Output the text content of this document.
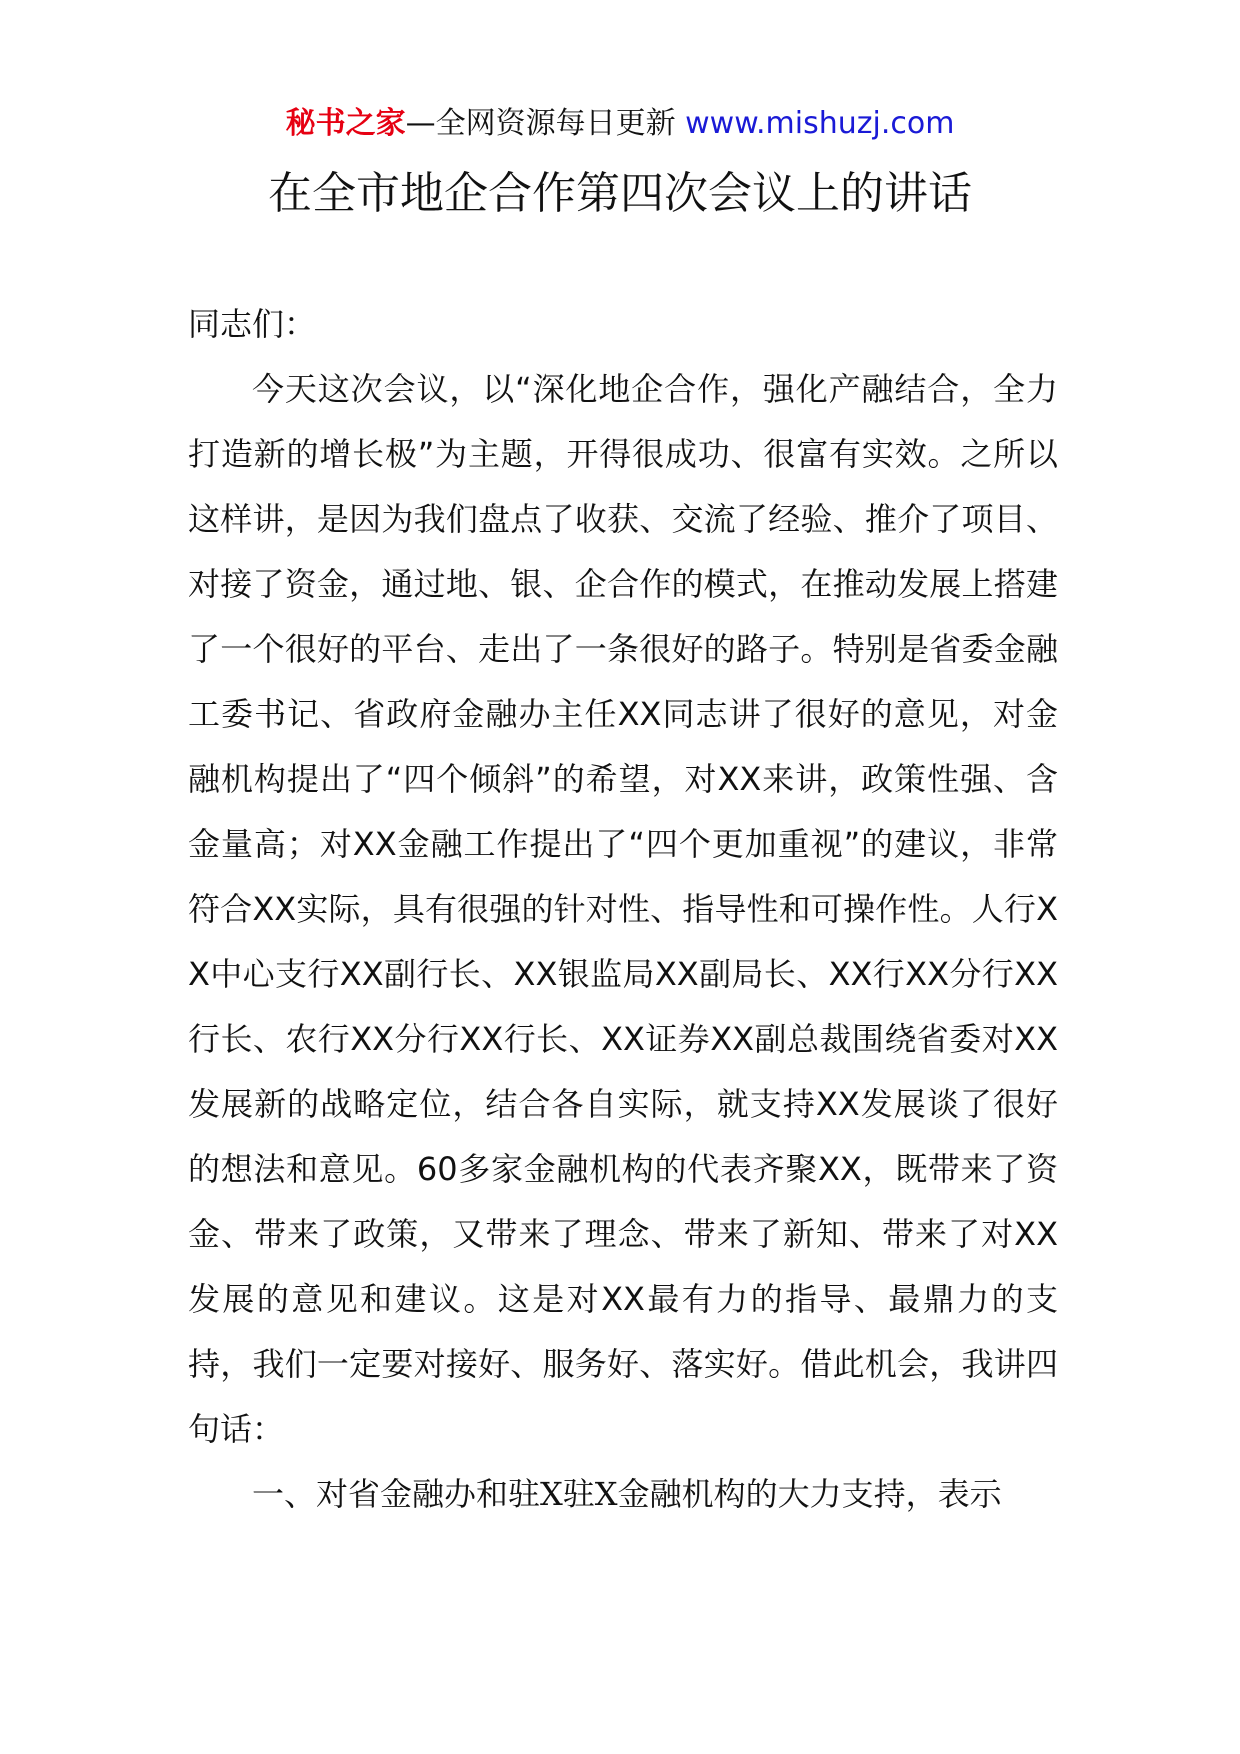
秘书之家—全网资源每日更新 www.mishuzj.com
在全市地企合作第四次会议上的讲话

同志们：

今天这次会议，以“深化地企合作，强化产融结合，全力打造新的增长极”为主题，开得很成功、很富有实效。之所以这样讲，是因为我们盘点了收获、交流了经验、推介了项目、对接了资金，通过地、银、企合作的模式，在推动发展上搭建了一个很好的平台、走出了一条很好的路子。特别是省委金融工委书记、省政府金融办主任XX同志讲了很好的意见，对金融机构提出了“四个倾斜”的希望，对XX来讲，政策性强、含金量高；对XX金融工作提出了“四个更加重视”的建议，非常符合XX实际，具有很强的针对性、指导性和可操作性。人行XX中心支行XX副行长、XX银监局XX副局长、XX行XX分行XX行长、农行XX分行XX行长、XX证券XX副总裁围绕省委对XX发展新的战略定位，结合各自实际，就支持XX发展谈了很好的想法和意见。60多家金融机构的代表齐聚XX，既带来了资金、带来了政策，又带来了理念、带来了新知、带来了对XX发展的意见和建议。这是对XX最有力的指导、最鼎力的支持，我们一定要对接好、服务好、落实好。借此机会，我讲四句话：

一、对省金融办和驻X驻X金融机构的大力支持，表示
